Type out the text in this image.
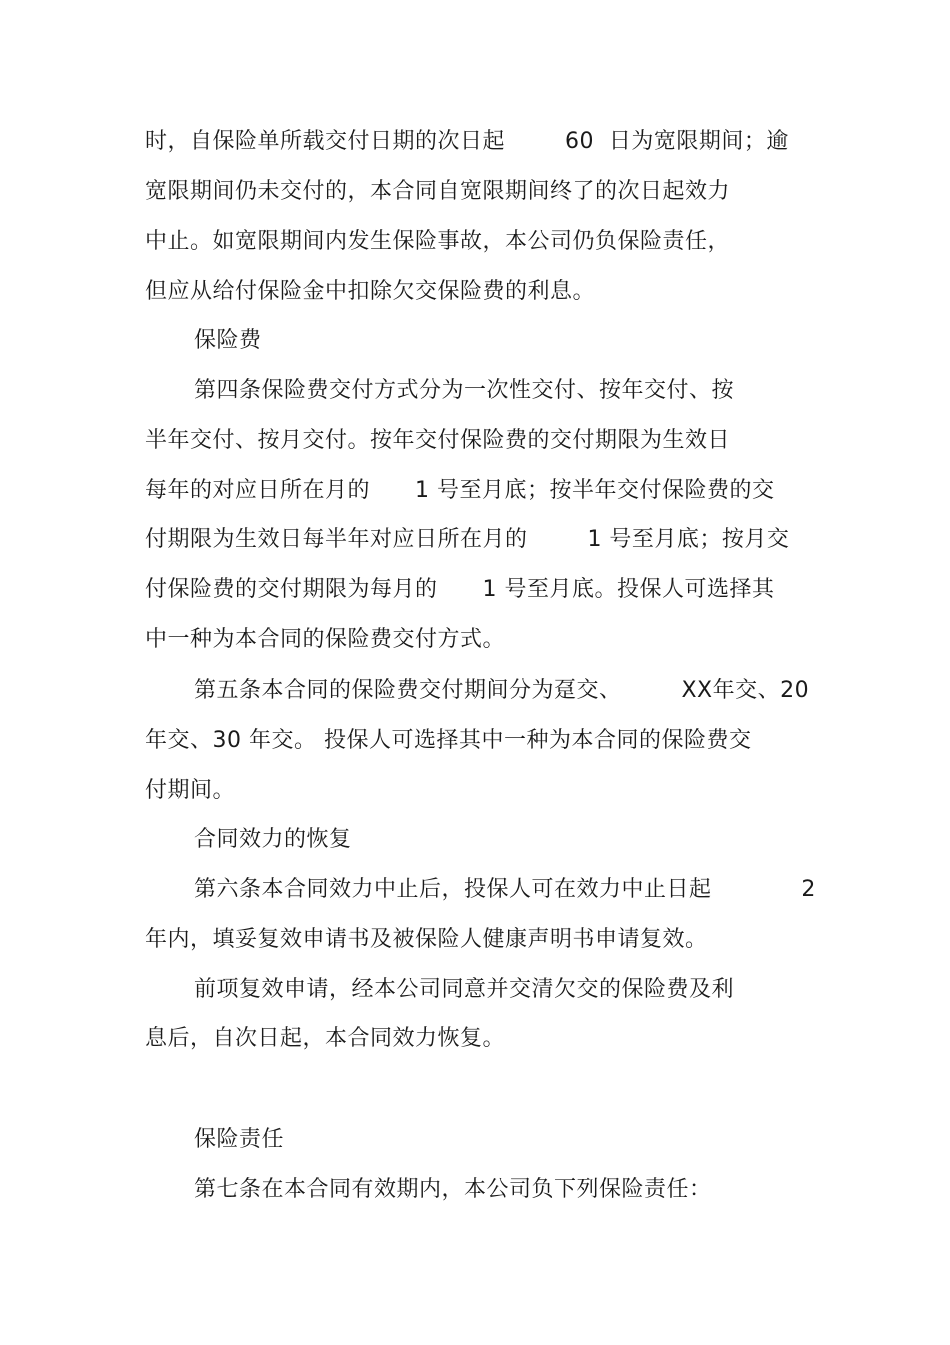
时，自保险单所载交付日期的次日起        60  日为宽限期间；逾
宽限期间仍未交付的，本合同自宽限期间终了的次日起效力
中止。如宽限期间内发生保险事故，本公司仍负保险责任，
但应从给付保险金中扣除欠交保险费的利息。
保险费
第四条保险费交付方式分为一次性交付、按年交付、按
半年交付、按月交付。按年交付保险费的交付期限为生效日
每年的对应日所在月的      1 号至月底；按半年交付保险费的交
付期限为生效日每半年对应日所在月的        1 号至月底；按月交
付保险费的交付期限为每月的      1 号至月底。投保人可选择其
中一种为本合同的保险费交付方式。
第五条本合同的保险费交付期间分为趸交、        XX年交、20
年交、30 年交。 投保人可选择其中一种为本合同的保险费交
付期间。
合同效力的恢复
第六条本合同效力中止后，投保人可在效力中止日起            2
年内，填妥复效申请书及被保险人健康声明书申请复效。
前项复效申请，经本公司同意并交清欠交的保险费及利
息后，自次日起，本合同效力恢复。
保险责任
第七条在本合同有效期内，本公司负下列保险责任：
